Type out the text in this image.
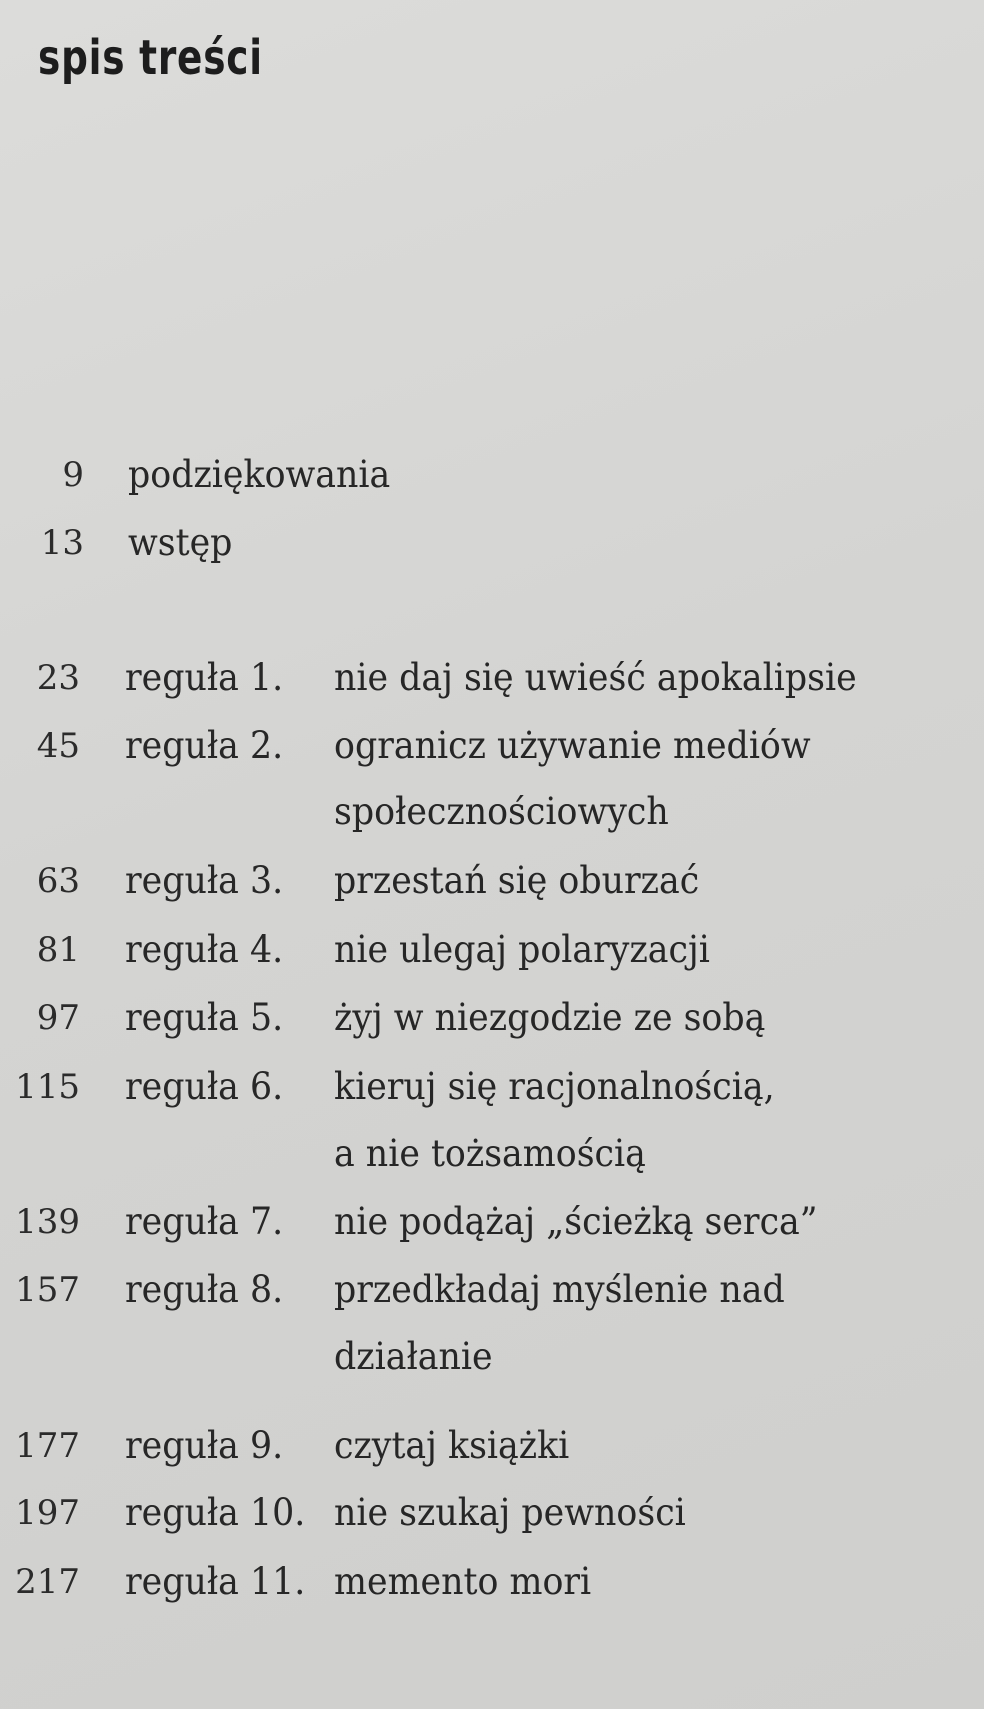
spis treści
9 podziękowania
13 wstęp
23 reguła 1. nie daj się uwieść apokalipsie
45 reguła 2. ogranicz używanie mediów
społecznościowych
63 reguła 3. przestań się oburzać
81 reguła 4. nie ulegaj polaryzacji
97 reguła 5. żyj w niezgodzie ze sobą
115 reguła 6. kieruj się racjonalnością,
a nie tożsamością
139 reguła 7. nie podążaj „ścieżką serca”
157 reguła 8. przedkładaj myślenie nad
działanie
177 reguła 9. czytaj książki
197 reguła 10. nie szukaj pewności
217 reguła 11. memento mori
